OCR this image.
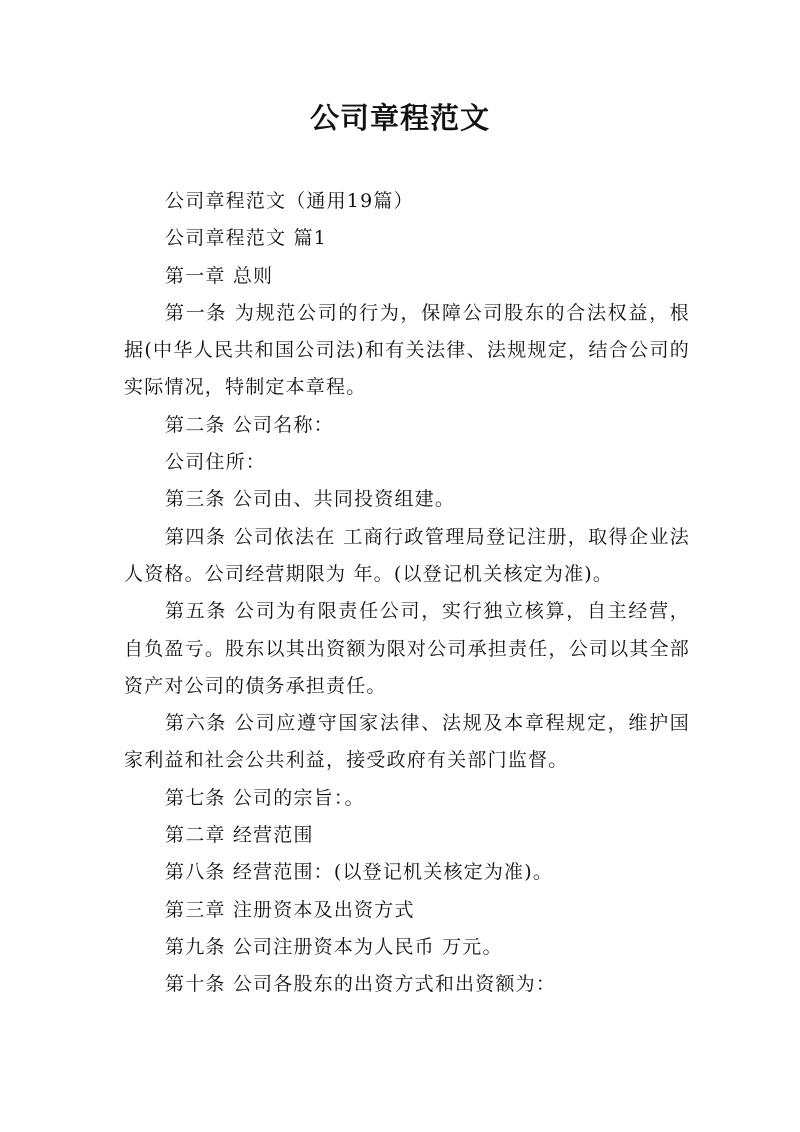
公司章程范文

公司章程范文（通用19篇）

公司章程范文 篇1

第一章 总则

第一条 为规范公司的行为，保障公司股东的合法权益，根据(中华人民共和国公司法)和有关法律、法规规定，结合公司的实际情况，特制定本章程。

第二条 公司名称：

公司住所：

第三条 公司由、共同投资组建。

第四条 公司依法在 工商行政管理局登记注册，取得企业法人资格。公司经营期限为 年。(以登记机关核定为准)。

第五条 公司为有限责任公司，实行独立核算，自主经营，自负盈亏。股东以其出资额为限对公司承担责任，公司以其全部资产对公司的债务承担责任。

第六条 公司应遵守国家法律、法规及本章程规定，维护国家利益和社会公共利益，接受政府有关部门监督。

第七条 公司的宗旨：。

第二章 经营范围

第八条 经营范围：(以登记机关核定为准)。

第三章 注册资本及出资方式

第九条 公司注册资本为人民币 万元。

第十条 公司各股东的出资方式和出资额为：
